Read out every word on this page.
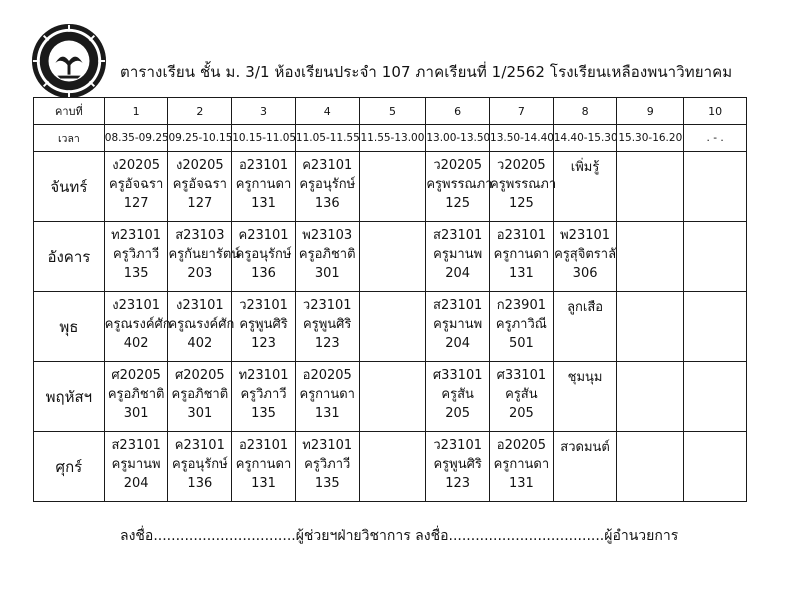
ตารางเรียน ชั้น ม. 3/1 ห้องเรียนประจำ 107 ภาคเรียนที่ 1/2562 โรงเรียนเหลืองพนาวิทยาคม
คาบที่	1	2	3	4	5	6	7	8	9	10
เวลา	08.35-09.25	09.25-10.15	10.15-11.05	11.05-11.55	11.55-13.00	13.00-13.50	13.50-14.40	14.40-15.30	15.30-16.20	. - .
จันทร์	ง20205
ครูอัจฉรา
127	ง20205
ครูอัจฉรา
127	อ23101
ครูกานดา
131	ค23101
ครูอนุรักษ์
136		ว20205
ครูพรรณภา
125	ว20205
ครูพรรณภา
125	เพิ่มรู้		

อังคาร	ท23101
ครูวิภาวี
135	ส23103
ครูกันยารัตน์
203	ค23101
ครูอนุรักษ์
136	พ23103
ครูอภิชาติ
301		ส23101
ครูมานพ
204	อ23101
ครูกานดา
131	พ23101
ครูสุจิตราลั
306		

พุธ	ง23101
ครูณรงค์ศัก
402	ง23101
ครูณรงค์ศัก
402	ว23101
ครูพูนศิริ
123	ว23101
ครูพูนศิริ
123		ส23101
ครูมานพ
204	ก23901
ครูภาวิณี
501	ลูกเสือ		

พฤหัสฯ	ศ20205
ครูอภิชาติ
301	ศ20205
ครูอภิชาติ
301	ท23101
ครูวิภาวี
135	อ20205
ครูกานดา
131		ศ33101
ครูสัน
205	ศ33101
ครูสัน
205	ชุมนุม		

ศุกร์	ส23101
ครูมานพ
204	ค23101
ครูอนุรักษ์
136	อ23101
ครูกานดา
131	ท23101
ครูวิภาวี
135		ว23101
ครูพูนศิริ
123	อ20205
ครูกานดา
131	สวดมนต์		

ลงชื่อ................................ผู้ช่วยฯฝ่ายวิชาการ ลงชื่อ...................................ผู้อำนวยการ
